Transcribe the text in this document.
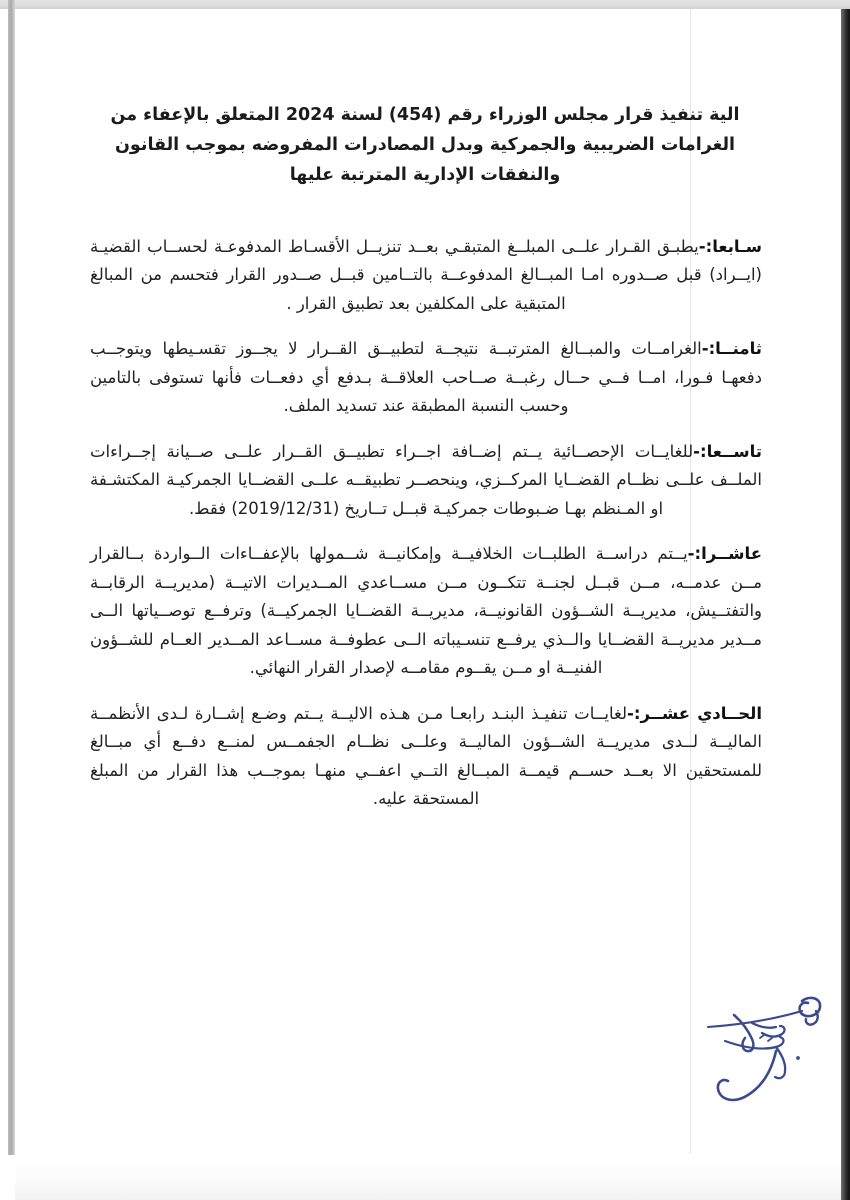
الية تنفيذ قرار مجلس الوزراء رقم (454) لسنة 2024 المتعلق بالإعفاء من الغرامات الضريبية والجمركية وبدل المصادرات المفروضه بموجب القانون والنفقات الإدارية المترتبة عليها

سـابعا:-يطبـق القـرار علــى المبلــغ المتبقـي بعــد تنزيــل الأقسـاط المدفوعـة لحســاب القضيـة (ايــراد) قبل صــدوره امـا المبــالغ المدفوعــة بالتــامين قبــل صــدور القرار فتحسم من المبالغ المتبقية على المكلفين بعد تطبيق القرار .

ثامنــا:-الغرامــات والمبــالغ المترتبــة نتيجــة لتطبيــق القــرار لا يجــوز تقسـيطها ويتوجــب دفعهـا فـورا، امــا فــي حــال رغبــة صــاحب العلاقــة بـدفع أي دفعــات فأنها تستوفى بالتامين وحسب النسبة المطبقة عند تسديد الملف.

تاســعا:-للغايــات الإحصــائية يــتم إضــافة اجــراء تطبيــق القــرار علــى صــيانة إجــراءات الملــف علــى نظــام القضــايا المركــزي، وينحصــر تطبيقــه علــى القضــايا الجمركيـة المكتشـفة او المـنظم بهـا ضـبوطات جمركيـة قبــل تــاريخ (2019/12/31) فقط.

عاشــرا:-يــتم دراســة الطلبــات الخلافيــة وإمكانيــة شــمولها بالإعفــاءات الــواردة بــالقرار مــن عدمــه، مــن قبــل لجنــة تتكــون مــن مســاعدي المــديرات الاتيــة (مديريــة الرقابــة والتفتــيش، مديريــة الشــؤون القانونيــة، مديريــة القضــايا الجمركيــة) وترفــع توصــياتها الــى مــدير مديريــة القضــايا والــذي يرفــع تنسـيباته الــى عطوفــة مســاعد المــدير العــام للشــؤون الفنيــة او مــن يقــوم مقامــه لإصدار القرار النهائي.

الحــادي عشــر:-لغايــات تنفيـذ البنـد رابعـا مـن هـذه الاليــة يــتم وضـع إشــارة لـدى الأنظمــة الماليــة لــدى مديريــة الشــؤون الماليــة وعلــى نظــام الجفمــس لمنــع دفــع أي مبــالغ للمستحقين الا بعــد حســم قيمــة المبــالغ التــي اعفــي منهـا بموجــب هذا القرار من المبلغ المستحقة عليه.
